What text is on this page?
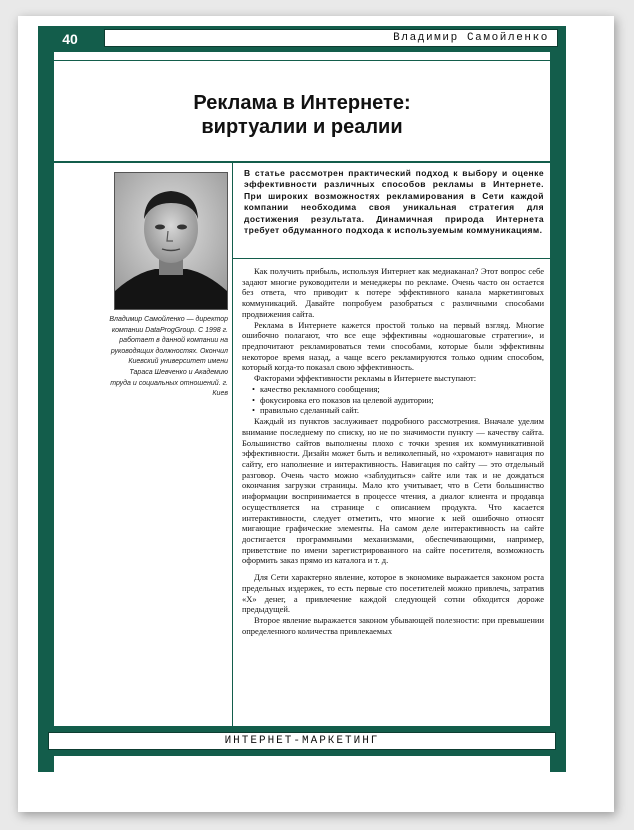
40	Владимир Самойленко
Реклама в Интернете:
виртуалии и реалии
Владимир Самойленко — директор компании DataProgGroup. С 1998 г. работает в данной компании на руководящих должностях. Окончил Киевский университет имени Тараса Шевченко и Академию труда и социальных отношений. г. Киев
В статье рассмотрен практический подход к выбору и оценке эффективности различных способов рекламы в Интернете. При широких возможностях рекламирования в Сети каждой компании необходима своя уникальная стратегия для достижения результата. Динамичная природа Интернета требует обдуманного подхода к используемым коммуникациям.

Как получить прибыль, используя Интернет как медиаканал? Этот вопрос себе задают многие руководители и менеджеры по рекламе. Очень часто он остается без ответа, что приводит к потере эффективного канала маркетинговых коммуникаций. Давайте попробуем разобраться с различными способами продвижения сайта.

Реклама в Интернете кажется простой только на первый взгляд. Многие ошибочно полагают, что все еще эффективны «одношаговые стратегии», и предпочитают рекламироваться теми способами, которые были эффективны некоторое время назад, а чаще всего рекламируются только одним способом, который когда-то показал свою эффективность.

Факторами эффективности рекламы в Интернете выступают:

• качество рекламного сообщения;
• фокусировка его показов на целевой аудитории;
• правильно сделанный сайт.

Каждый из пунктов заслуживает подробного рассмотрения. Вначале уделим внимание последнему по списку, но не по значимости пункту — качеству сайта. Большинство сайтов выполнены плохо с точки зрения их коммуникативной эффективности. Дизайн может быть и великолепный, но «хромают» навигация по сайту, его наполнение и интерактивность. Навигация по сайту — это отдельный разговор. Очень часто можно «заблудиться» сайте или так и не дождаться окончания загрузки страницы. Мало кто учитывает, что в Сети большинство информации воспринимается в процессе чтения, а диалог клиента и продавца осуществляется на странице с описанием продукта. Что касается интерактивности, следует отметить, что многие к ней ошибочно относят мигающие графические элементы. На самом деле интерактивность на сайте достигается программными механизмами, обеспечивающими, например, приветствие по имени зарегистрированного на сайте посетителя, возможность оформить заказ прямо из каталога и т. д.

Для Сети характерно явление, которое в экономике выражается законом роста предельных издержек, то есть первые сто посетителей можно привлечь, затратив «Х» денег, а привлечение каждой следующей сотни обходится дороже предыдущей.

Второе явление выражается законом убывающей полезности: при превышении определенного количества привлекаемых

ИНТЕРНЕТ-МАРКЕТИНГ
